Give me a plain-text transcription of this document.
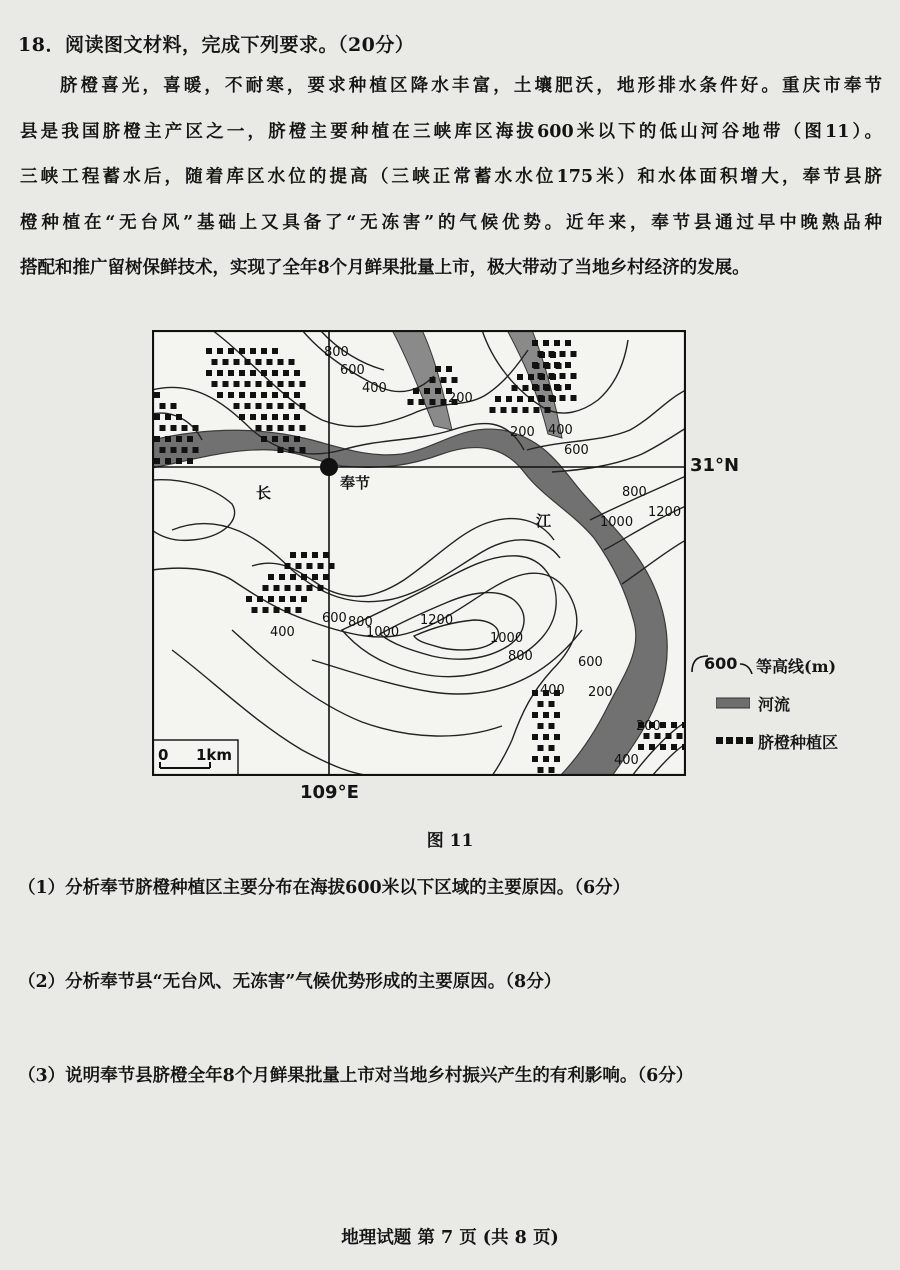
18．阅读图文材料，完成下列要求。（20分）
脐橙喜光，喜暖，不耐寒，要求种植区降水丰富，土壤肥沃，地形排水条件好。重庆市奉节
县是我国脐橙主产区之一，脐橙主要种植在三峡库区海拔600米以下的低山河谷地带（图11）。
三峡工程蓄水后，随着库区水位的提高（三峡正常蓄水水位175米）和水体面积增大，奉节县脐
橙种植在“无台风”基础上又具备了“无冻害”的气候优势。近年来，奉节县通过早中晚熟品种
搭配和推广留树保鲜技术，实现了全年8个月鲜果批量上市，极大带动了当地乡村经济的发展。
800
600
400
200
200 400
600
800
1000
1200
400
600 800
1000
1200
1000
800	600
400 200
200
400
长
江
奉节
0 1km
31°N
109°E
600 等高线(m)
河流
脐橙种植区
图 11
（1）分析奉节脐橙种植区主要分布在海拔600米以下区域的主要原因。（6分）
（2）分析奉节县“无台风、无冻害”气候优势形成的主要原因。（8分）
（3）说明奉节县脐橙全年8个月鲜果批量上市对当地乡村振兴产生的有利影响。（6分）
地理试题 第 7 页 (共 8 页)
